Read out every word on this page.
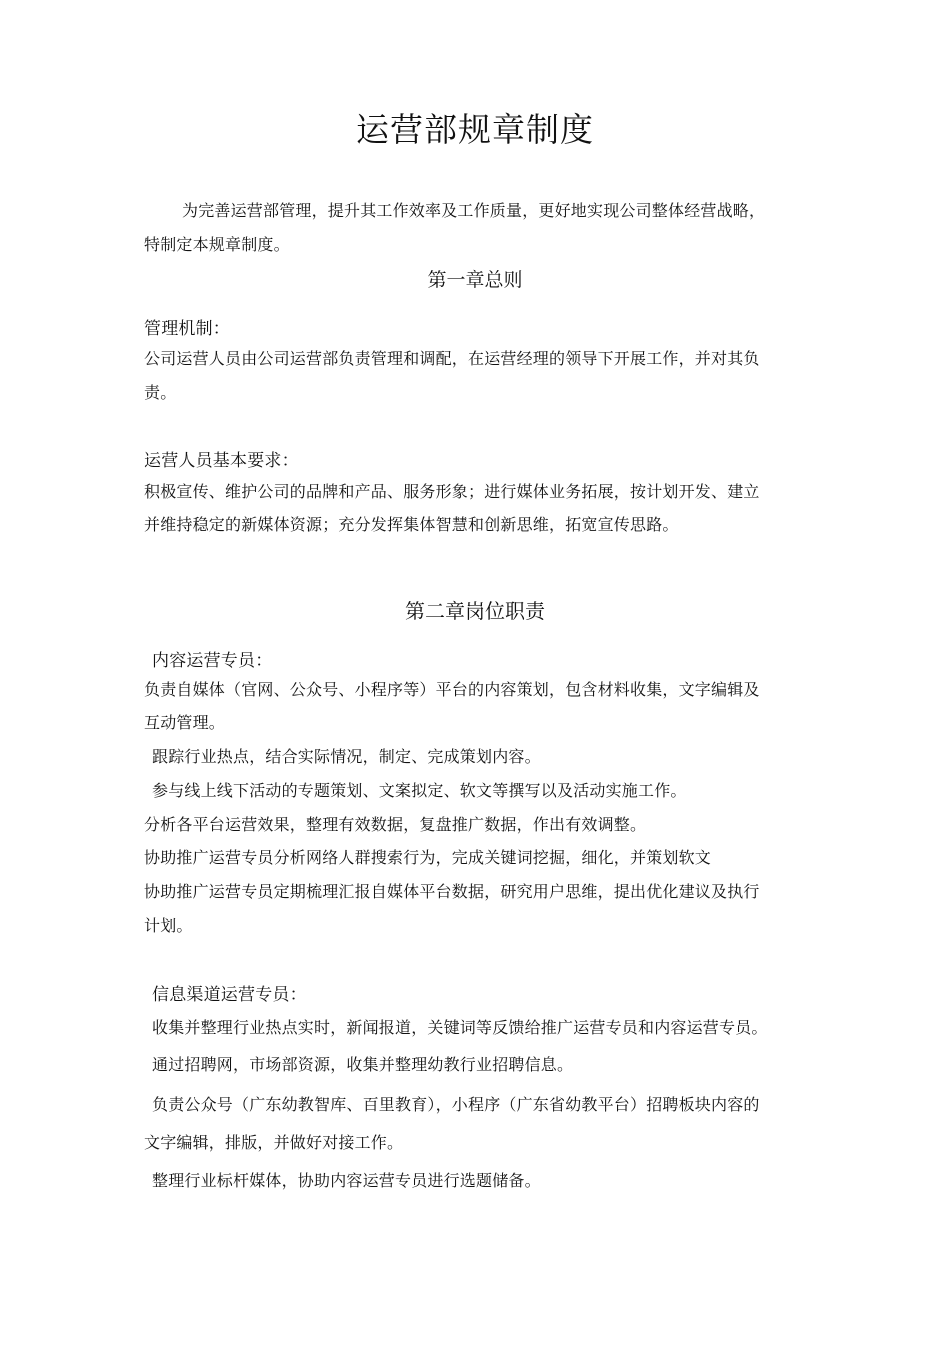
运营部规章制度
为完善运营部管理，提升其工作效率及工作质量，更好地实现公司整体经营战略，
特制定本规章制度。
第一章总则
管理机制：
公司运营人员由公司运营部负责管理和调配，在运营经理的领导下开展工作，并对其负
责。
运营人员基本要求：
积极宣传、维护公司的品牌和产品、服务形象；进行媒体业务拓展，按计划开发、建立
并维持稳定的新媒体资源；充分发挥集体智慧和创新思维，拓宽宣传思路。
第二章岗位职责
内容运营专员：
负责自媒体（官网、公众号、小程序等）平台的内容策划，包含材料收集，文字编辑及
互动管理。
跟踪行业热点，结合实际情况，制定、完成策划内容。
参与线上线下活动的专题策划、文案拟定、软文等撰写以及活动实施工作。
分析各平台运营效果，整理有效数据，复盘推广数据，作出有效调整。
协助推广运营专员分析网络人群搜索行为，完成关键词挖掘，细化，并策划软文
协助推广运营专员定期梳理汇报自媒体平台数据，研究用户思维，提出优化建议及执行
计划。
信息渠道运营专员：
收集并整理行业热点实时，新闻报道，关键词等反馈给推广运营专员和内容运营专员。
通过招聘网，市场部资源，收集并整理幼教行业招聘信息。
负责公众号（广东幼教智库、百里教育），小程序（广东省幼教平台）招聘板块内容的
文字编辑，排版，并做好对接工作。
整理行业标杆媒体，协助内容运营专员进行选题储备。
